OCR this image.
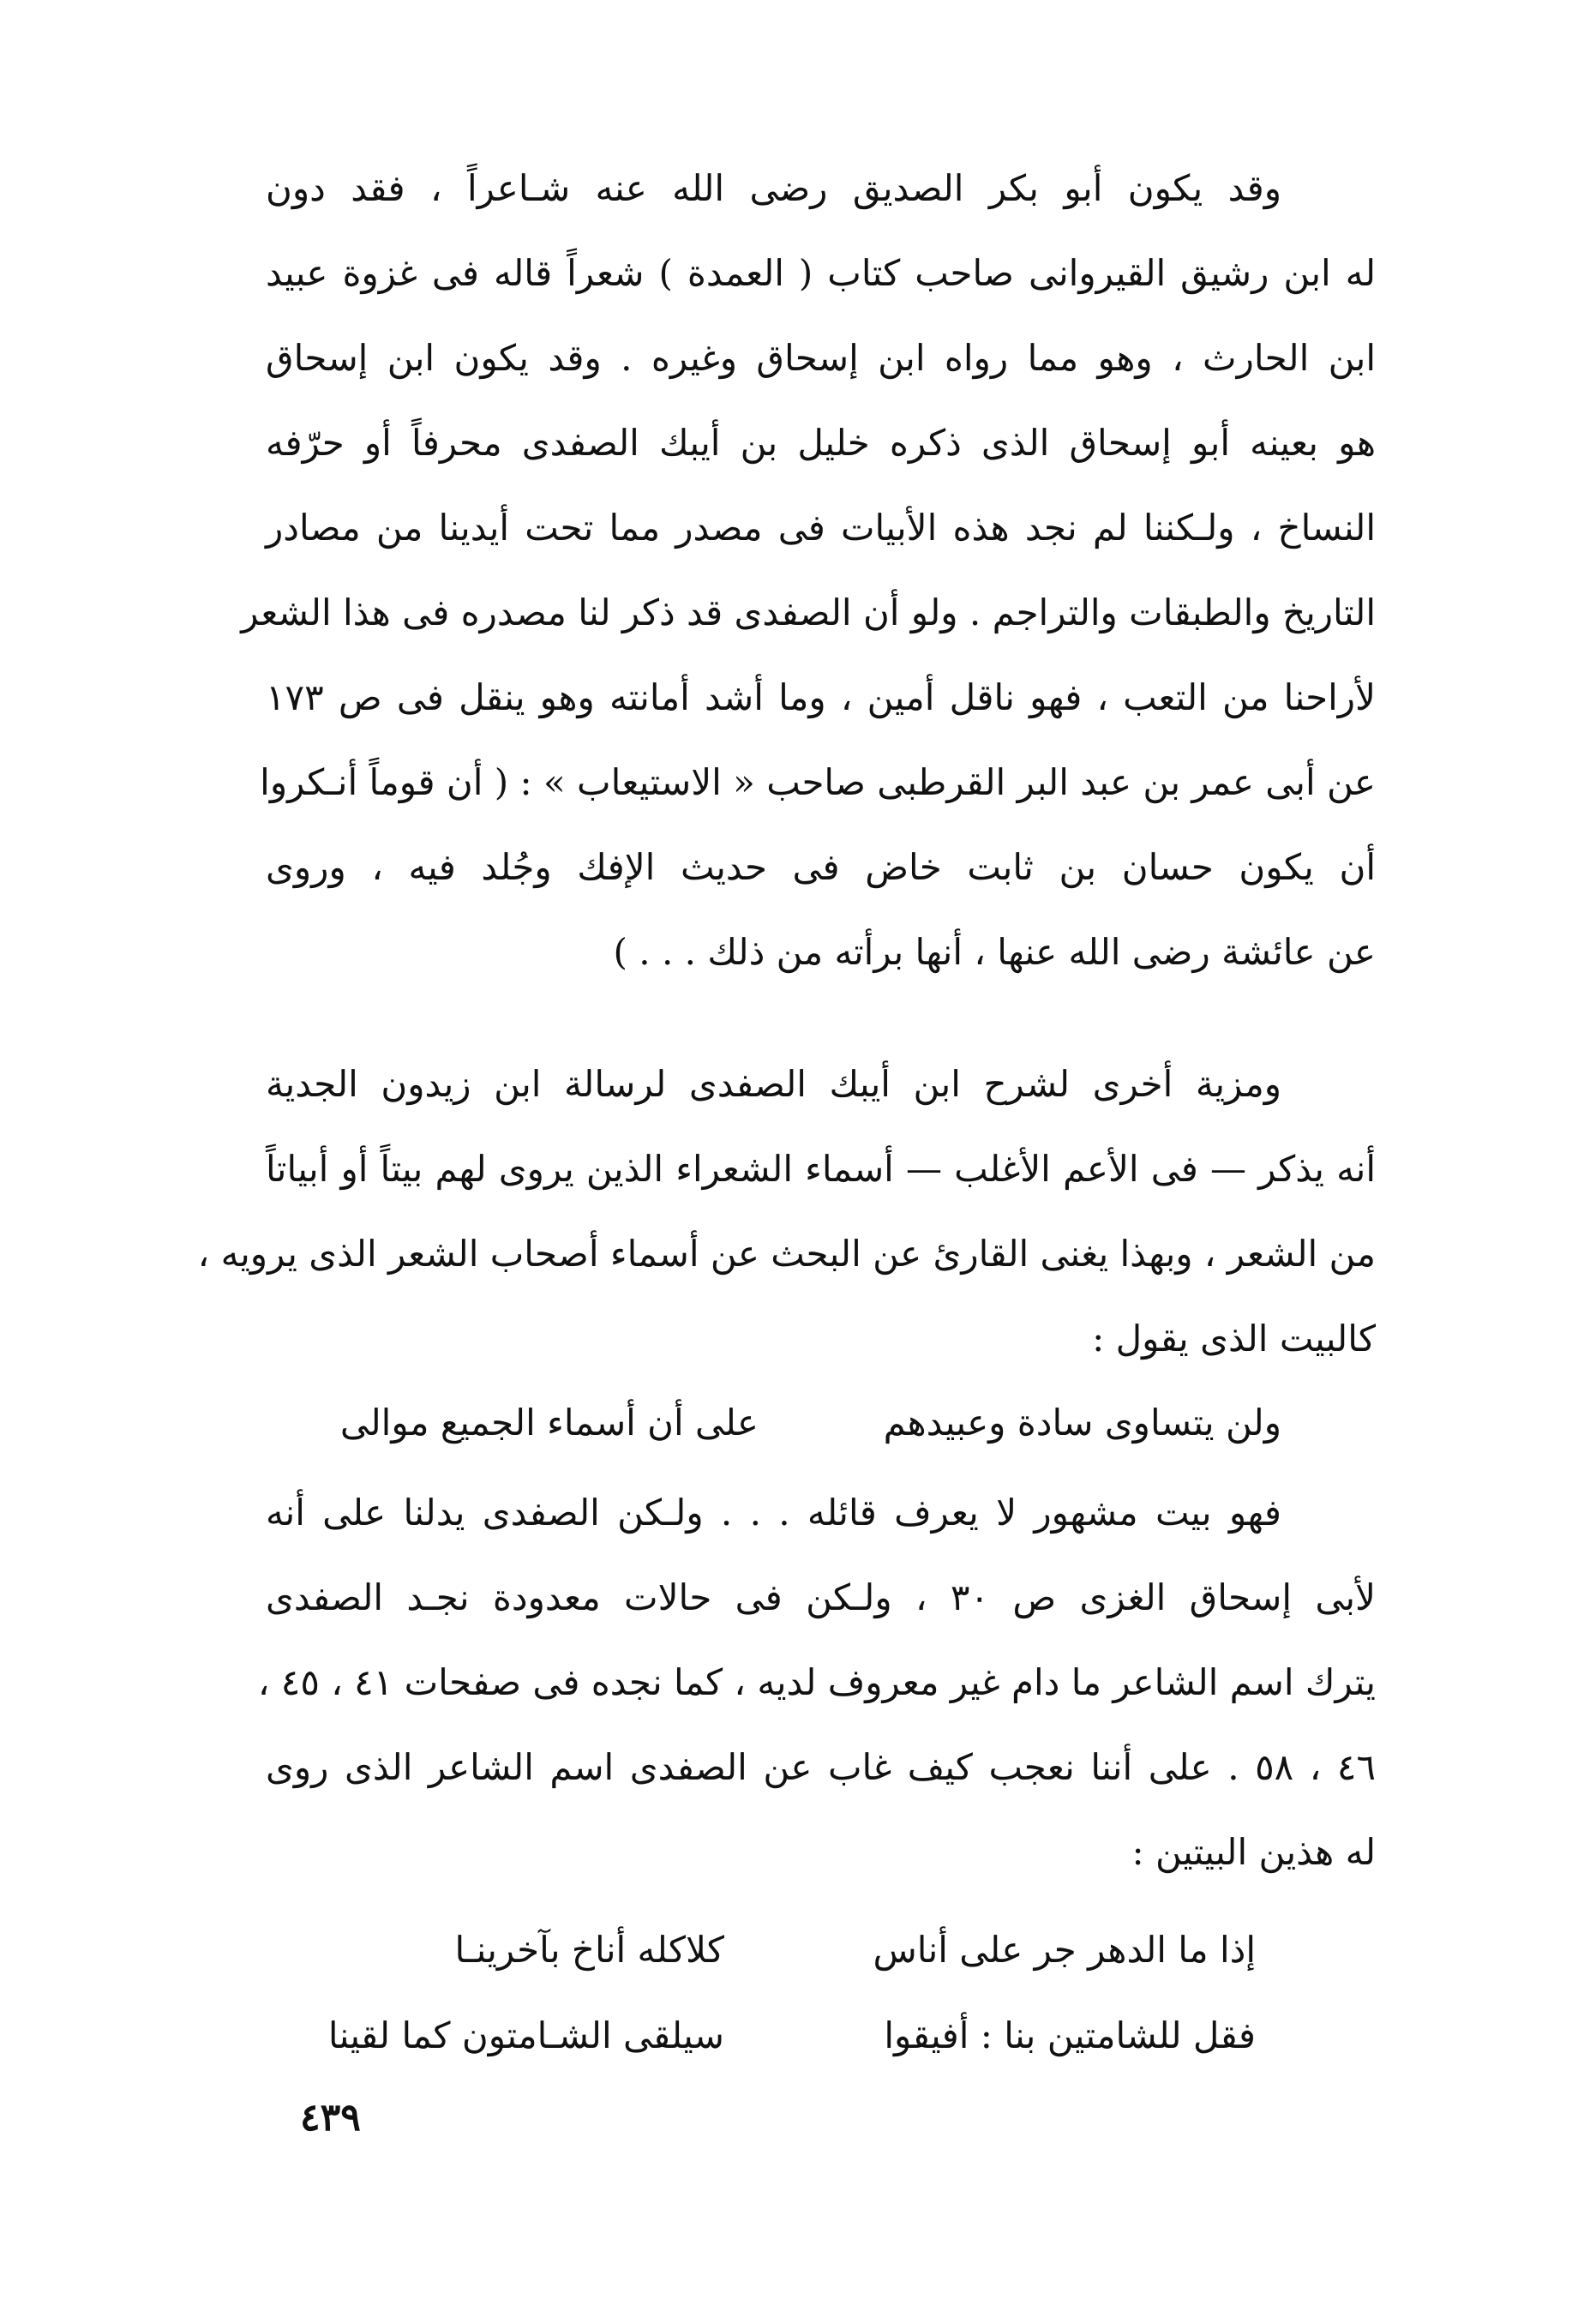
وقد يكون أبو بكر الصديق رضى الله عنه شـاعراً ، فقد دون
له ابن رشيق القيروانى صاحب كتاب ( العمدة ) شعراً قاله فى غزوة عبيد
ابن الحارث ، وهو مما رواه ابن إسحاق وغيره . وقد يكون ابن إسحاق
هو بعينه أبو إسحاق الذى ذكره خليل بن أيبك الصفدى محرفاً أو حرّفه
النساخ ، ولـكننا لم نجد هذه الأبيات فى مصدر مما تحت أيدينا من مصادر
التاريخ والطبقات والتراجم . ولو أن الصفدى قد ذكر لنا مصدره فى هذا الشعر
لأراحنا من التعب ، فهو ناقل أمين ، وما أشد أمانته وهو ينقل فى ص ١٧٣
عن أبى عمر بن عبد البر القرطبى صاحب « الاستيعاب » : ( أن قوماً أنـكروا
أن يكون حسان بن ثابت خاض فى حديث الإفك وجُلد فيه ، وروى
عن عائشة رضى الله عنها ، أنها برأته من ذلك . . . )
ومزية أخرى لشرح ابن أيبك الصفدى لرسالة ابن زيدون الجدية
أنه يذكر — فى الأعم الأغلب — أسماء الشعراء الذين يروى لهم بيتاً أو أبياتاً
من الشعر ، وبهذا يغنى القارئ عن البحث عن أسماء أصحاب الشعر الذى يرويه ،
كالبيت الذى يقول :
ولن يتساوى سادة وعبيدهم
على أن أسماء الجميع موالى
فهو بيت مشهور لا يعرف قائله . . . ولـكن الصفدى يدلنا على أنه
لأبى إسحاق الغزى ص ٣٠ ، ولـكن فى حالات معدودة نجـد الصفدى
يترك اسم الشاعر ما دام غير معروف لديه ، كما نجده فى صفحات ٤١ ، ٤٥ ،
٤٦ ، ٥٨ . على أننا نعجب كيف غاب عن الصفدى اسم الشاعر الذى روى
له هذين البيتين :
إذا ما الدهر جر على أناس
كلاكله أناخ بآخرينـا
فقل للشامتين بنا : أفيقوا
سيلقى الشـامتون كما لقينا
٤٣٩
